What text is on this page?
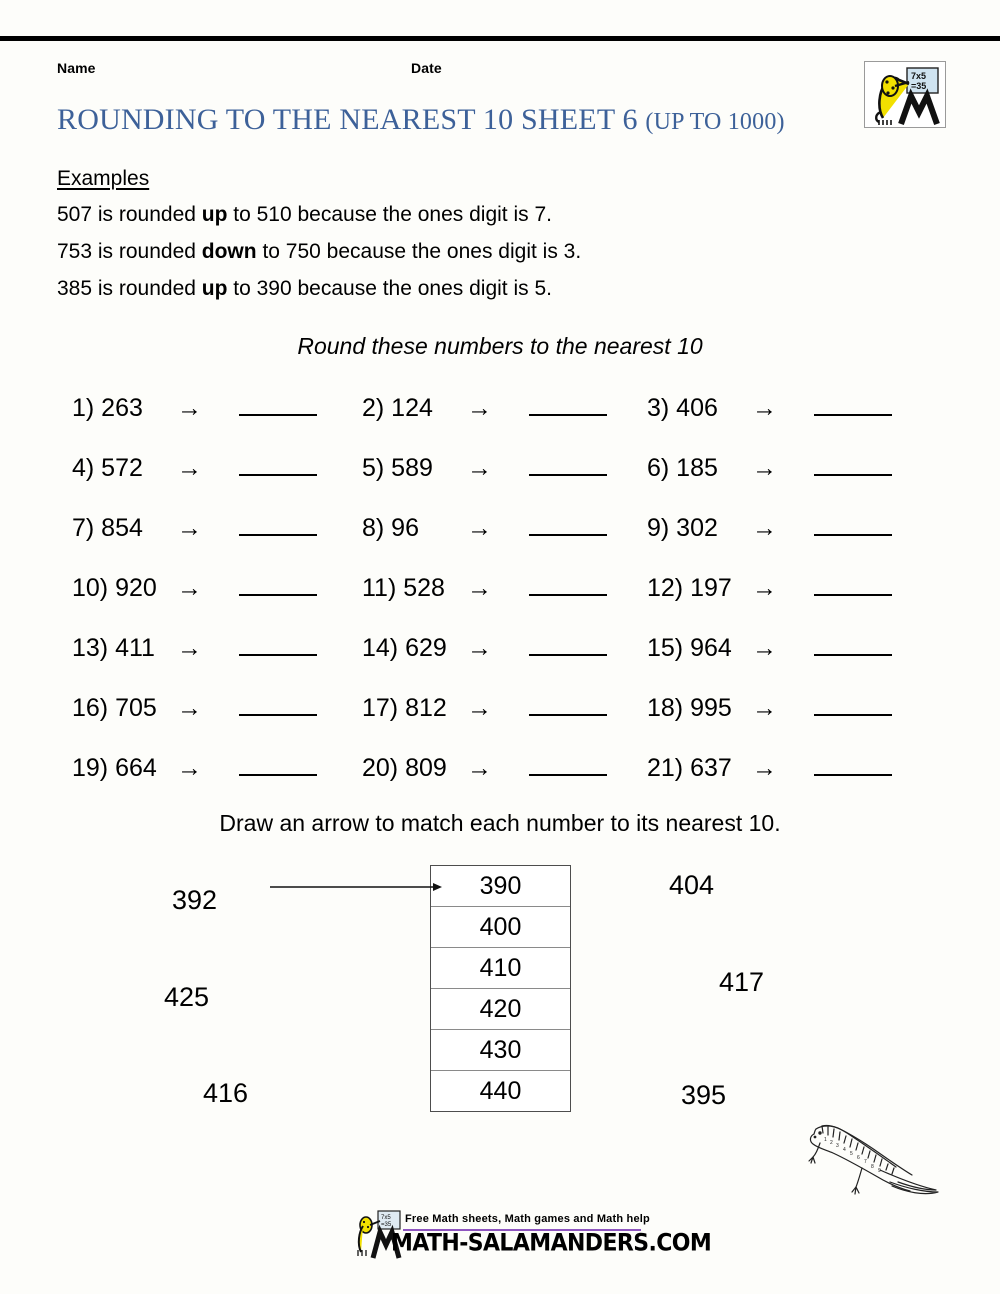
Name	Date	7x5
=35
ROUNDING TO THE NEAREST 10 SHEET 6 (UP TO 1000)
Examples
507 is rounded up to 510 because the ones digit is 7.
753 is rounded down to 750 because the ones digit is 3.
385 is rounded up to 390 because the ones digit is 5.
Round these numbers to the nearest 10
1) 263	→	2) 124	→	3) 406	→
4) 572	→	5) 589	→	6) 185	→
7) 854	→	8) 96	→	9) 302	→
10) 920 →	11) 528 →	12) 197 →
13) 411 →	14) 629 →	15) 964 →
16) 705 →	17) 812 →	18) 995 →
19) 664 →	20) 809 →	21) 637 →
Draw an arrow to match each number to its nearest 10.
390
400
410
420
430
440
392
425
416
404
417
395
1 2 3
4
5
6
7
8
9
7x5
=35 Free Math sheets, Math games and Math help
MATH-SALAMANDERS.COM
